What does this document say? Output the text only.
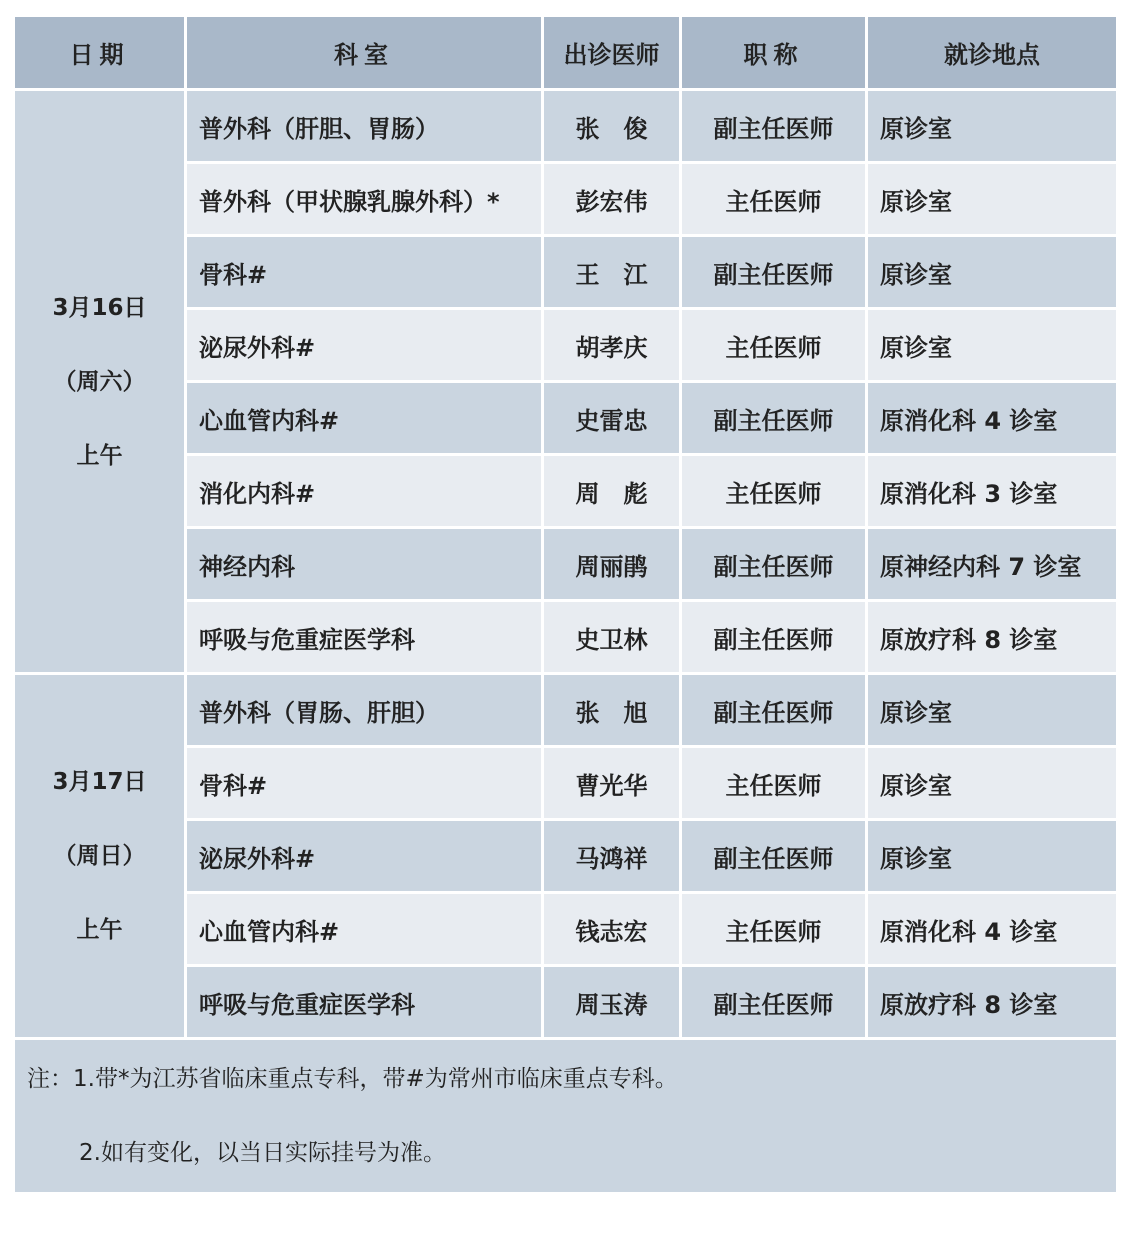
日期	科室	出诊医师	职称	就诊地点

3月16日
（周六）
上午	普外科（肝胆、胃肠）	张　俊	副主任医师	原诊室
	普外科（甲状腺乳腺外科）*	彭宏伟	主任医师	原诊室
	骨科#	王　江	副主任医师	原诊室
	泌尿外科#	胡孝庆	主任医师	原诊室
	心血管内科#	史雷忠	副主任医师	原消化科 4 诊室
	消化内科#	周　彪	主任医师	原消化科 3 诊室
	神经内科	周丽鹃	副主任医师	原神经内科 7 诊室
	呼吸与危重症医学科	史卫林	副主任医师	原放疗科 8 诊室

3月17日
（周日）
上午	普外科（胃肠、肝胆）	张　旭	副主任医师	原诊室
	骨科#	曹光华	主任医师	原诊室
	泌尿外科#	马鸿祥	副主任医师	原诊室
	心血管内科#	钱志宏	主任医师	原消化科 4 诊室
	呼吸与危重症医学科	周玉涛	副主任医师	原放疗科 8 诊室

注：1.带*为江苏省临床重点专科，带#为常州市临床重点专科。
2.如有变化，以当日实际挂号为准。				
